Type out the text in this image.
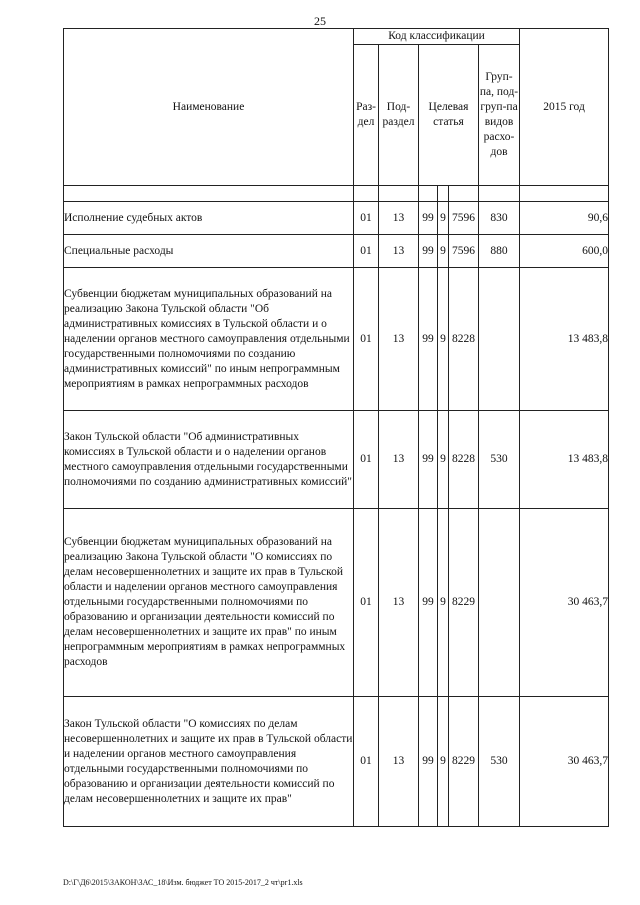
25
Наименование	Код классификации						2015 год
	Раз-дел	Под-раздел	Целевая статья			Груп-па, под-груп-па видов расхо-дов	

Исполнение судебных актов	01	13	99	9	7596	830	90,6
Специальные расходы	01	13	99	9	7596	880	600,0
Субвенции бюджетам муниципальных образований на реализацию Закона Тульской области "Об административных комиссиях в Тульской области и о наделении органов местного самоуправления отдельными государственными полномочиями по созданию административных комиссий" по иным непрограммным мероприятиям в рамках непрограммных расходов	01	13	99	9	8228		13 483,8
Закон Тульской области "Об административных комиссиях в Тульской области и о наделении органов местного самоуправления отдельными государственными полномочиями по созданию административных комиссий"	01	13	99	9	8228	530	13 483,8
Субвенции бюджетам муниципальных образований на реализацию Закона Тульской области "О комиссиях по делам несовершеннолетних и защите их прав в Тульской области и наделении органов местного самоуправления отдельными государственными полномочиями по образованию и организации деятельности комиссий по делам несовершеннолетних и защите их прав" по иным непрограммным мероприятиям в рамках непрограммных расходов	01	13	99	9	8229		30 463,7
Закон Тульской области "О комиссиях по делам несовершеннолетних и защите их прав в Тульской области и наделении органов местного самоуправления отдельными государственными полномочиями по образованию и организации деятельности комиссий по делам несовершеннолетних и защите их прав"	01	13	99	9	8229	530	30 463,7
D:\Г\Д6\2015\ЗАКОН\ЗАС_18\Изм. бюджет ТО 2015-2017_2 чт\pr1.xls
